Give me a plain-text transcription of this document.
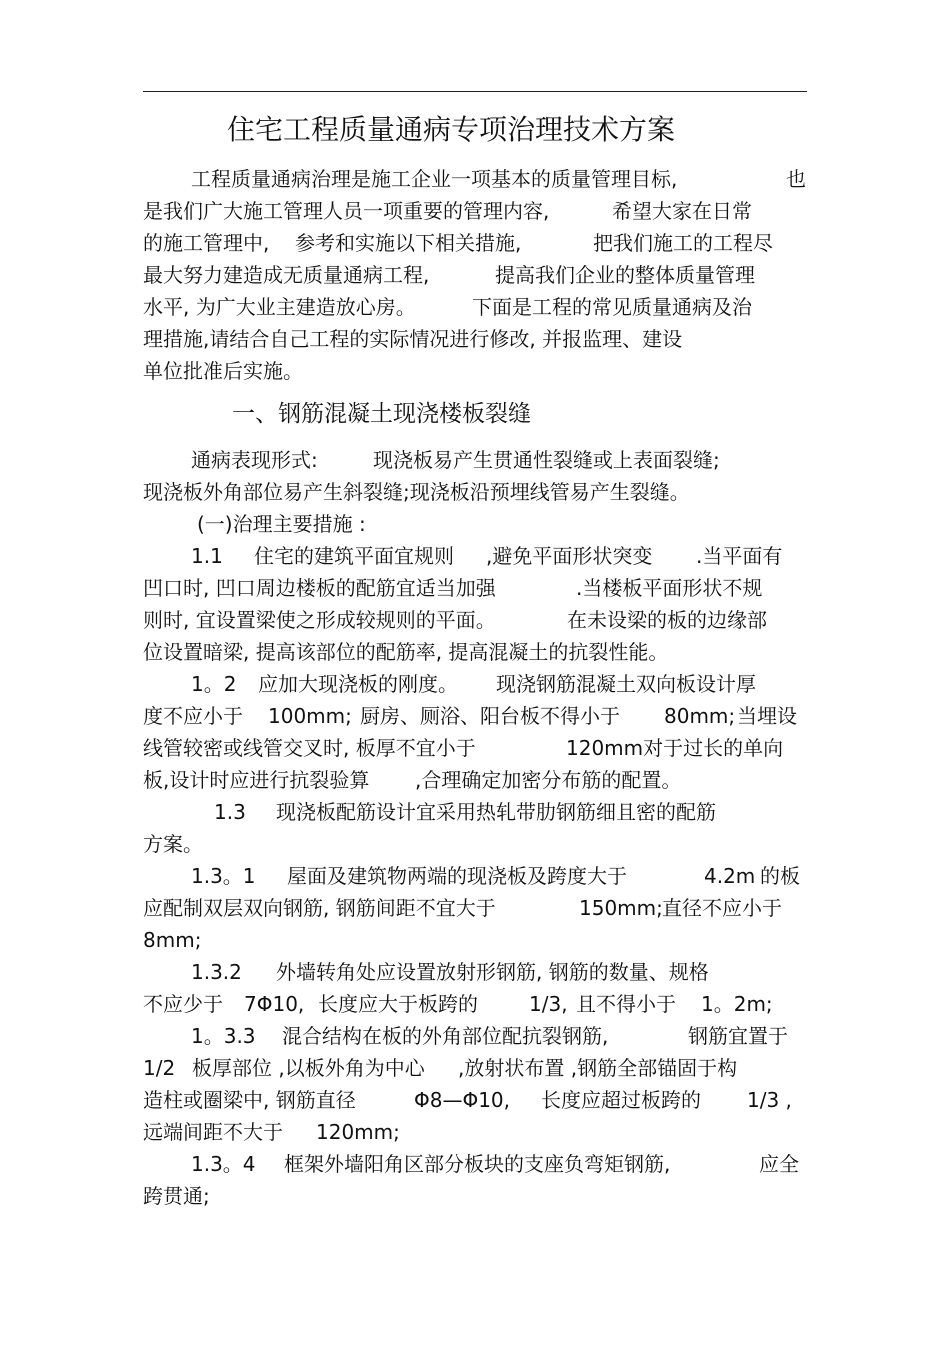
住宅工程质量通病专项治理技术方案
工程质量通病治理是施工企业一项基本的质量管理目标,	也
是我们广大施工管理人员一项重要的管理内容,	希望大家在日常
的施工管理中, 参考和实施以下相关措施,	把我们施工的工程尽
最大努力建造成无质量通病工程,	提高我们企业的整体质量管理
水平, 为广大业主建造放心房。	下面是工程的常见质量通病及治
理措施,请结合自己工程的实际情况进行修改, 并报监理、建设
单位批准后实施。
一、钢筋混凝土现浇楼板裂缝
通病表现形式:	现浇板易产生贯通性裂缝或上表面裂缝;
现浇板外角部位易产生斜裂缝;现浇板沿预埋线管易产生裂缝。
(一)治理主要措施 :
1.1 住宅的建筑平面宜规则 ,避免平面形状突变 .当平面有
凹口时, 凹口周边楼板的配筋宜适当加强	.当楼板平面形状不规
则时, 宜设置梁使之形成较规则的平面。	在未设梁的板的边缘部
位设置暗梁, 提高该部位的配筋率, 提高混凝土的抗裂性能。
1。2 应加大现浇板的刚度。 现浇钢筋混凝土双向板设计厚
度不应小于 100mm; 厨房、厕浴、阳台板不得小于 80mm; 当埋设
线管较密或线管交叉时, 板厚不宜小于	120mm对于过长的单向
板,设计时应进行抗裂验算 ,合理确定加密分布筋的配置。
1.3 现浇板配筋设计宜采用热轧带肋钢筋细且密的配筋
方案。
1.3。1 屋面及建筑物两端的现浇板及跨度大于	4.2m 的板
应配制双层双向钢筋, 钢筋间距不宜大于	150mm; 直径不应小于
8mm;
1.3.2 外墙转角处应设置放射形钢筋, 钢筋的数量、规格
不应少于 7Φ10, 长度应大于板跨的	1/3, 且不得小于 1。2m;
1。3.3 混合结构在板的外角部位配抗裂钢筋,	钢筋宜置于
1/2 板厚部位 ,以板外角为中心 ,放射状布置 ,钢筋全部锚固于构
造柱或圈梁中, 钢筋直径	Φ8—Φ10, 长度应超过板跨的 1/3 ,
远端间距不大于 120mm;
1.3。4 框架外墙阳角区部分板块的支座负弯矩钢筋,	应全
跨贯通;
